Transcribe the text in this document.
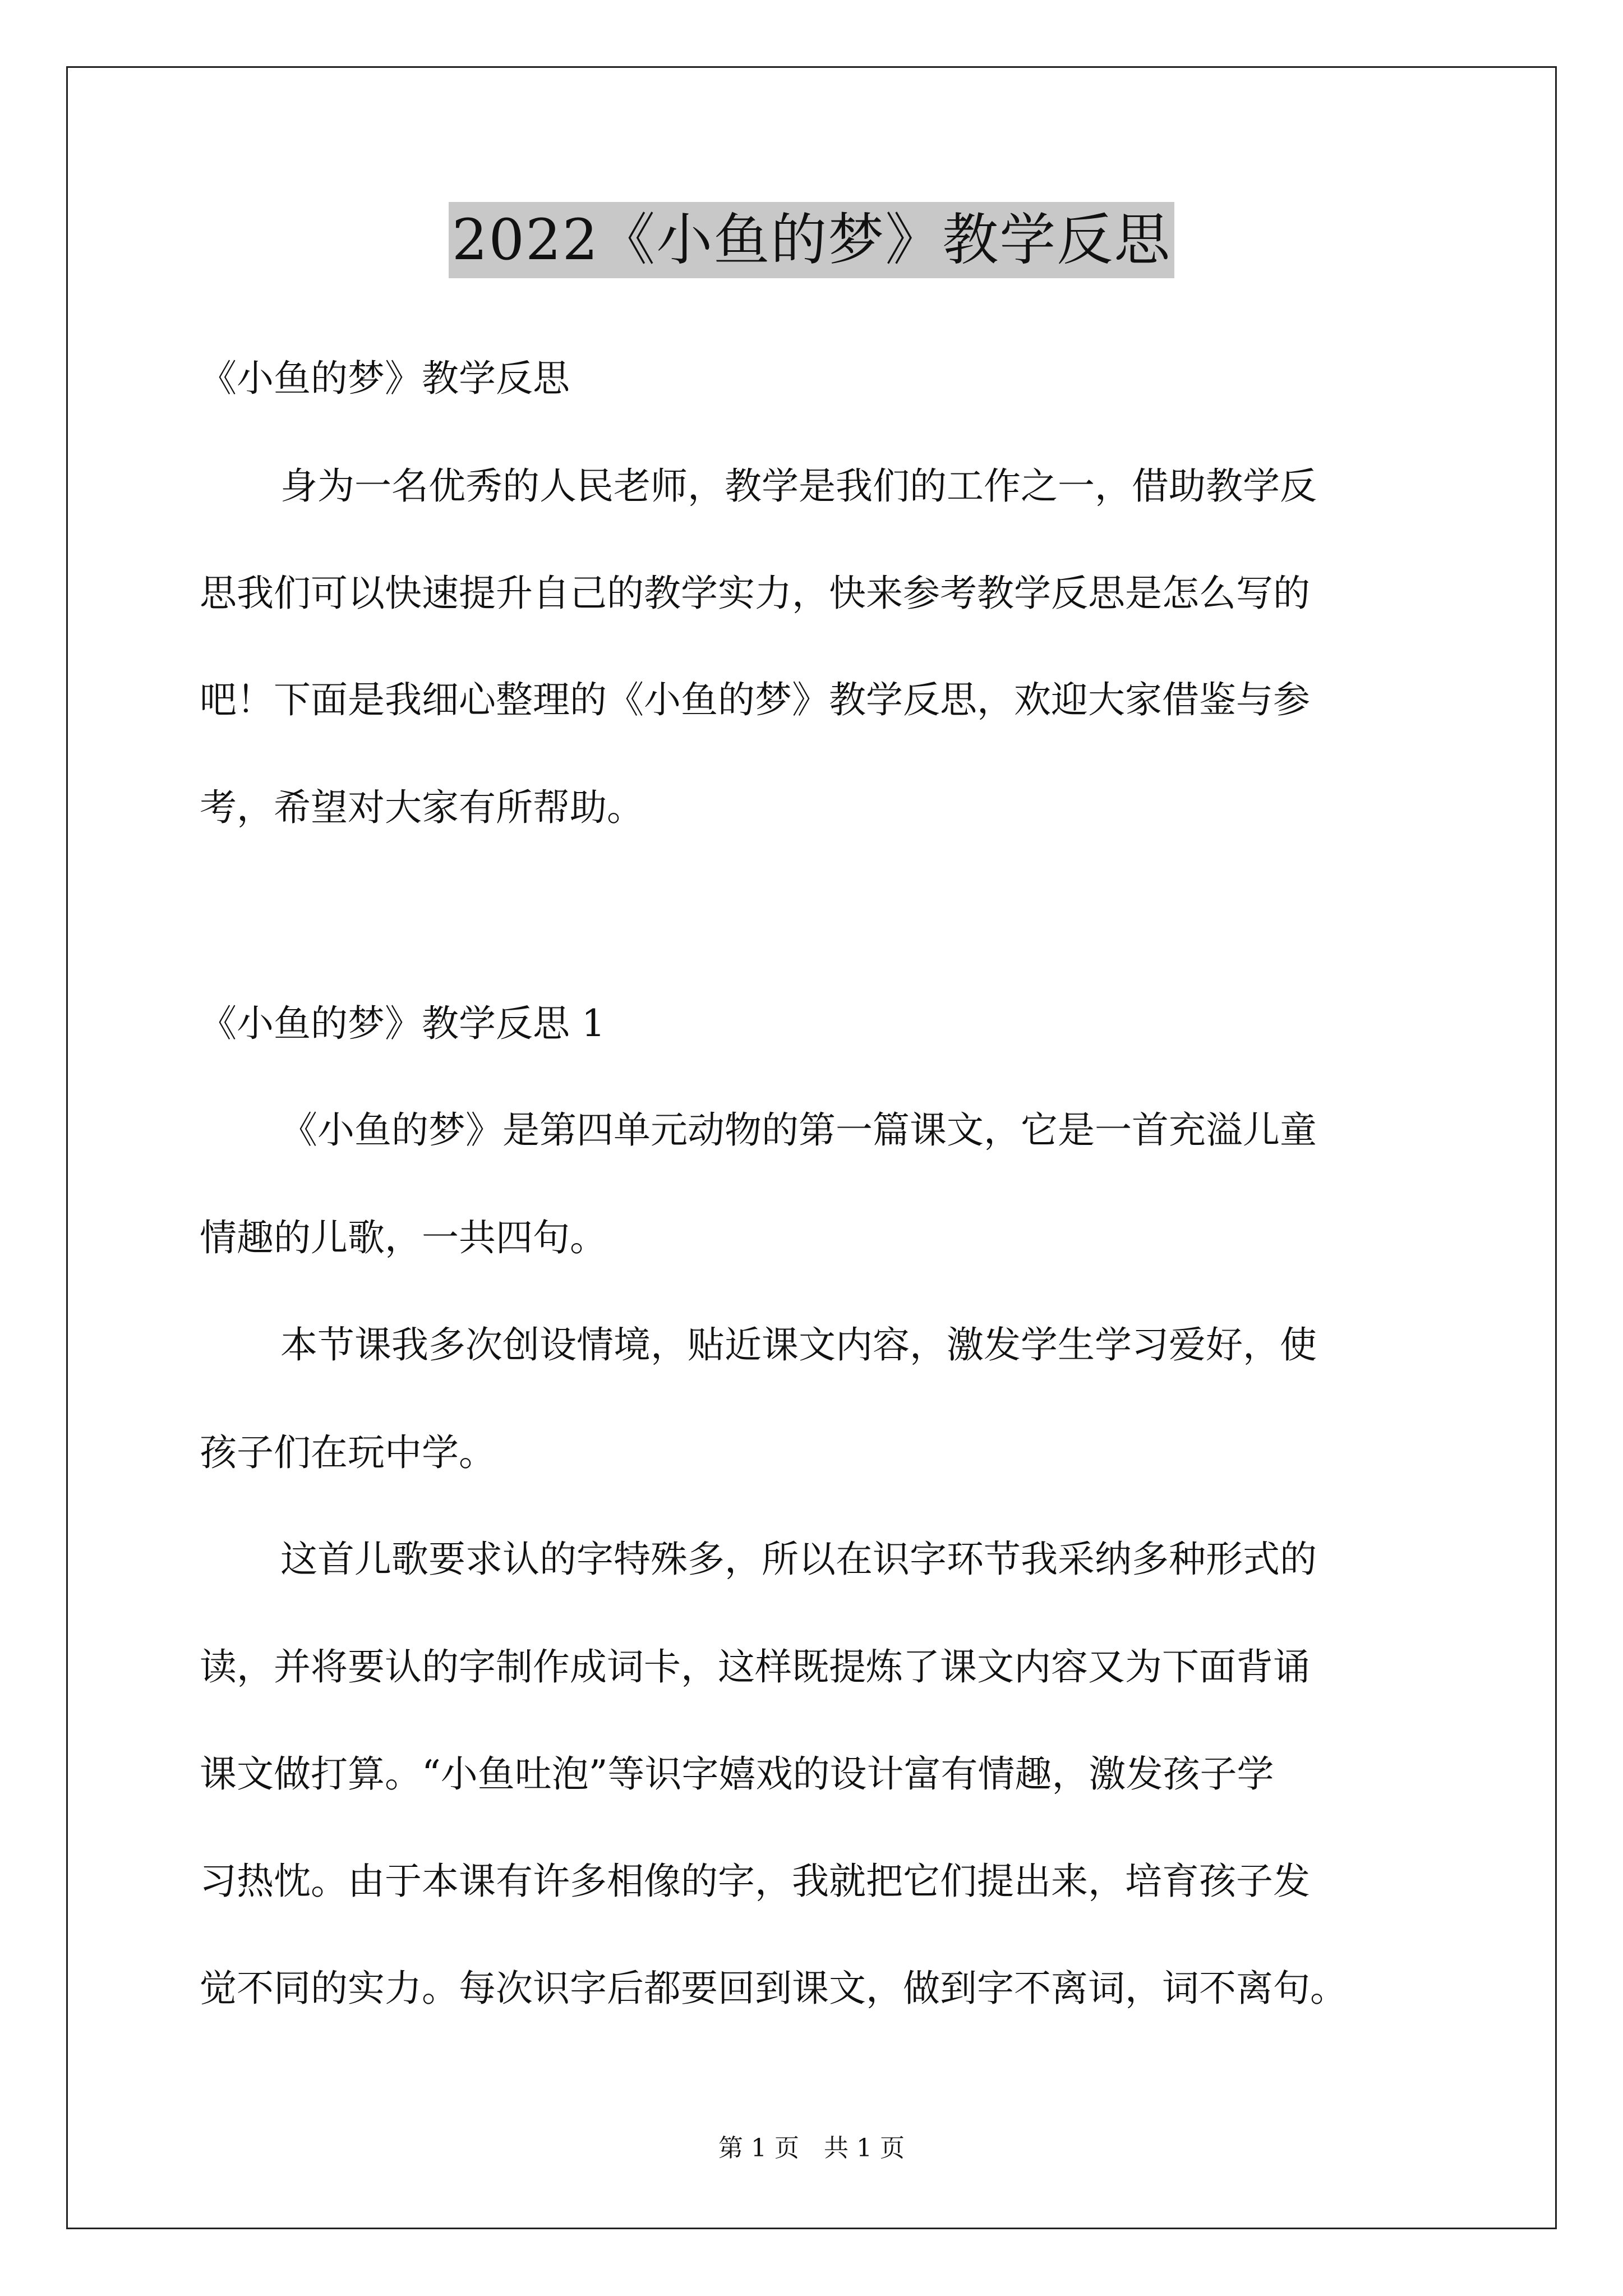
2022《小鱼的梦》教学反思
《小鱼的梦》教学反思
身为一名优秀的人民老师，教学是我们的工作之一，借助教学反
思我们可以快速提升自己的教学实力，快来参考教学反思是怎么写的
吧！下面是我细心整理的《小鱼的梦》教学反思，欢迎大家借鉴与参
考，希望对大家有所帮助。
《小鱼的梦》教学反思 1
《小鱼的梦》是第四单元动物的第一篇课文，它是一首充溢儿童
情趣的儿歌，一共四句。
本节课我多次创设情境，贴近课文内容，激发学生学习爱好，使
孩子们在玩中学。
这首儿歌要求认的字特殊多，所以在识字环节我采纳多种形式的
读，并将要认的字制作成词卡，这样既提炼了课文内容又为下面背诵
课文做打算。“小鱼吐泡”等识字嬉戏的设计富有情趣，激发孩子学
习热忱。由于本课有许多相像的字，我就把它们提出来，培育孩子发
觉不同的实力。每次识字后都要回到课文，做到字不离词，词不离句。
第 1 页　共 1 页
